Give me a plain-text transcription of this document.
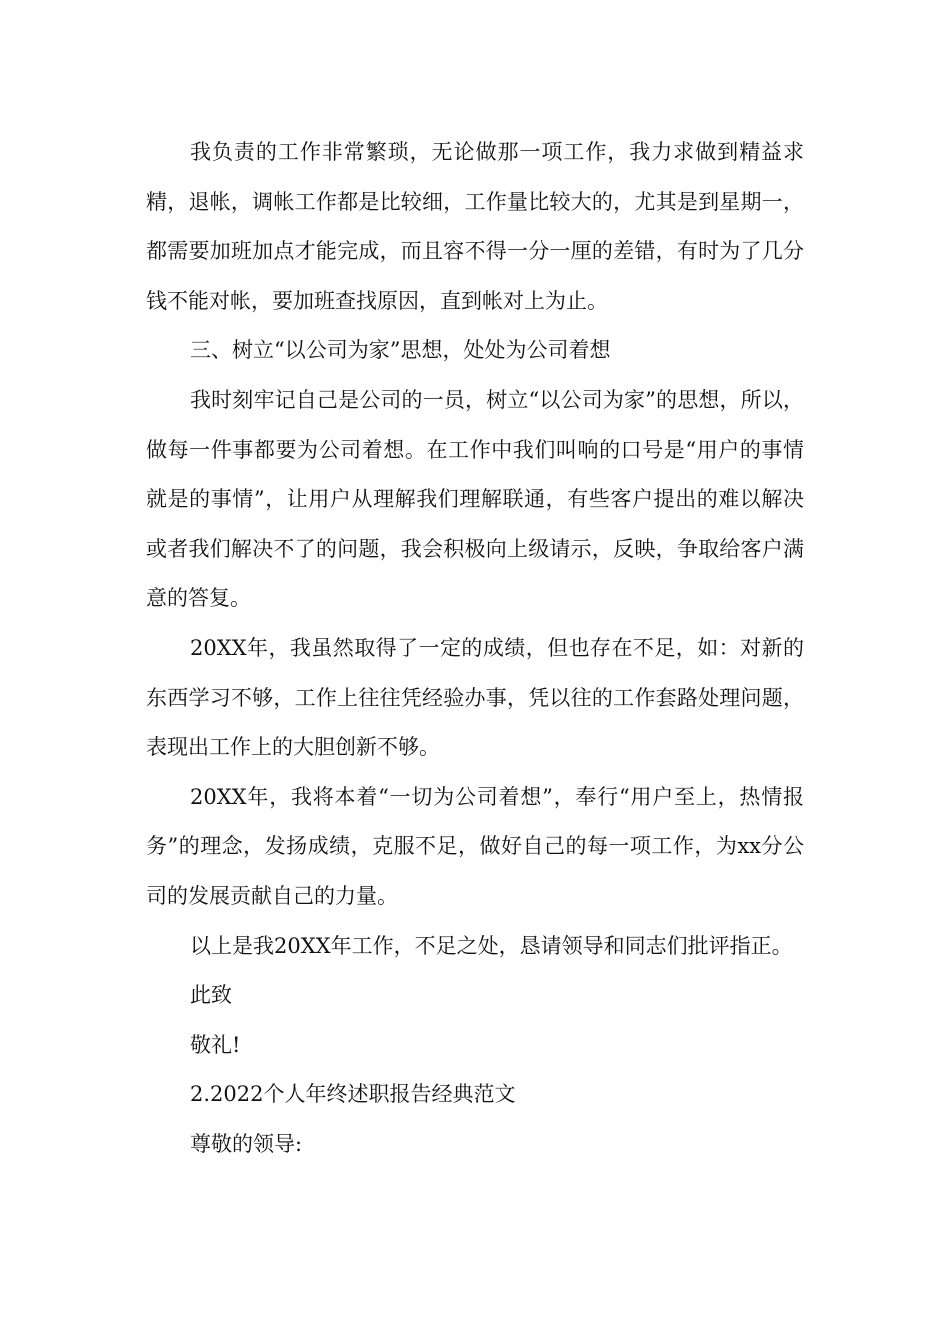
我负责的工作非常繁琐，无论做那一项工作，我力求做到精益求精，退帐，调帐工作都是比较细，工作量比较大的，尤其是到星期一，都需要加班加点才能完成，而且容不得一分一厘的差错，有时为了几分钱不能对帐，要加班查找原因，直到帐对上为止。

三、树立“以公司为家”思想，处处为公司着想

我时刻牢记自己是公司的一员，树立“以公司为家”的思想，所以，做每一件事都要为公司着想。在工作中我们叫响的口号是“用户的事情就是的事情”，让用户从理解我们理解联通，有些客户提出的难以解决或者我们解决不了的问题，我会积极向上级请示，反映，争取给客户满意的答复。

20XX年，我虽然取得了一定的成绩，但也存在不足，如：对新的东西学习不够，工作上往往凭经验办事，凭以往的工作套路处理问题，表现出工作上的大胆创新不够。

20XX年，我将本着“一切为公司着想”，奉行“用户至上，热情报务”的理念，发扬成绩，克服不足，做好自己的每一项工作，为xx分公司的发展贡献自己的力量。

以上是我20XX年工作，不足之处，恳请领导和同志们批评指正。

此致

敬礼!

2.2022个人年终述职报告经典范文

尊敬的领导:
